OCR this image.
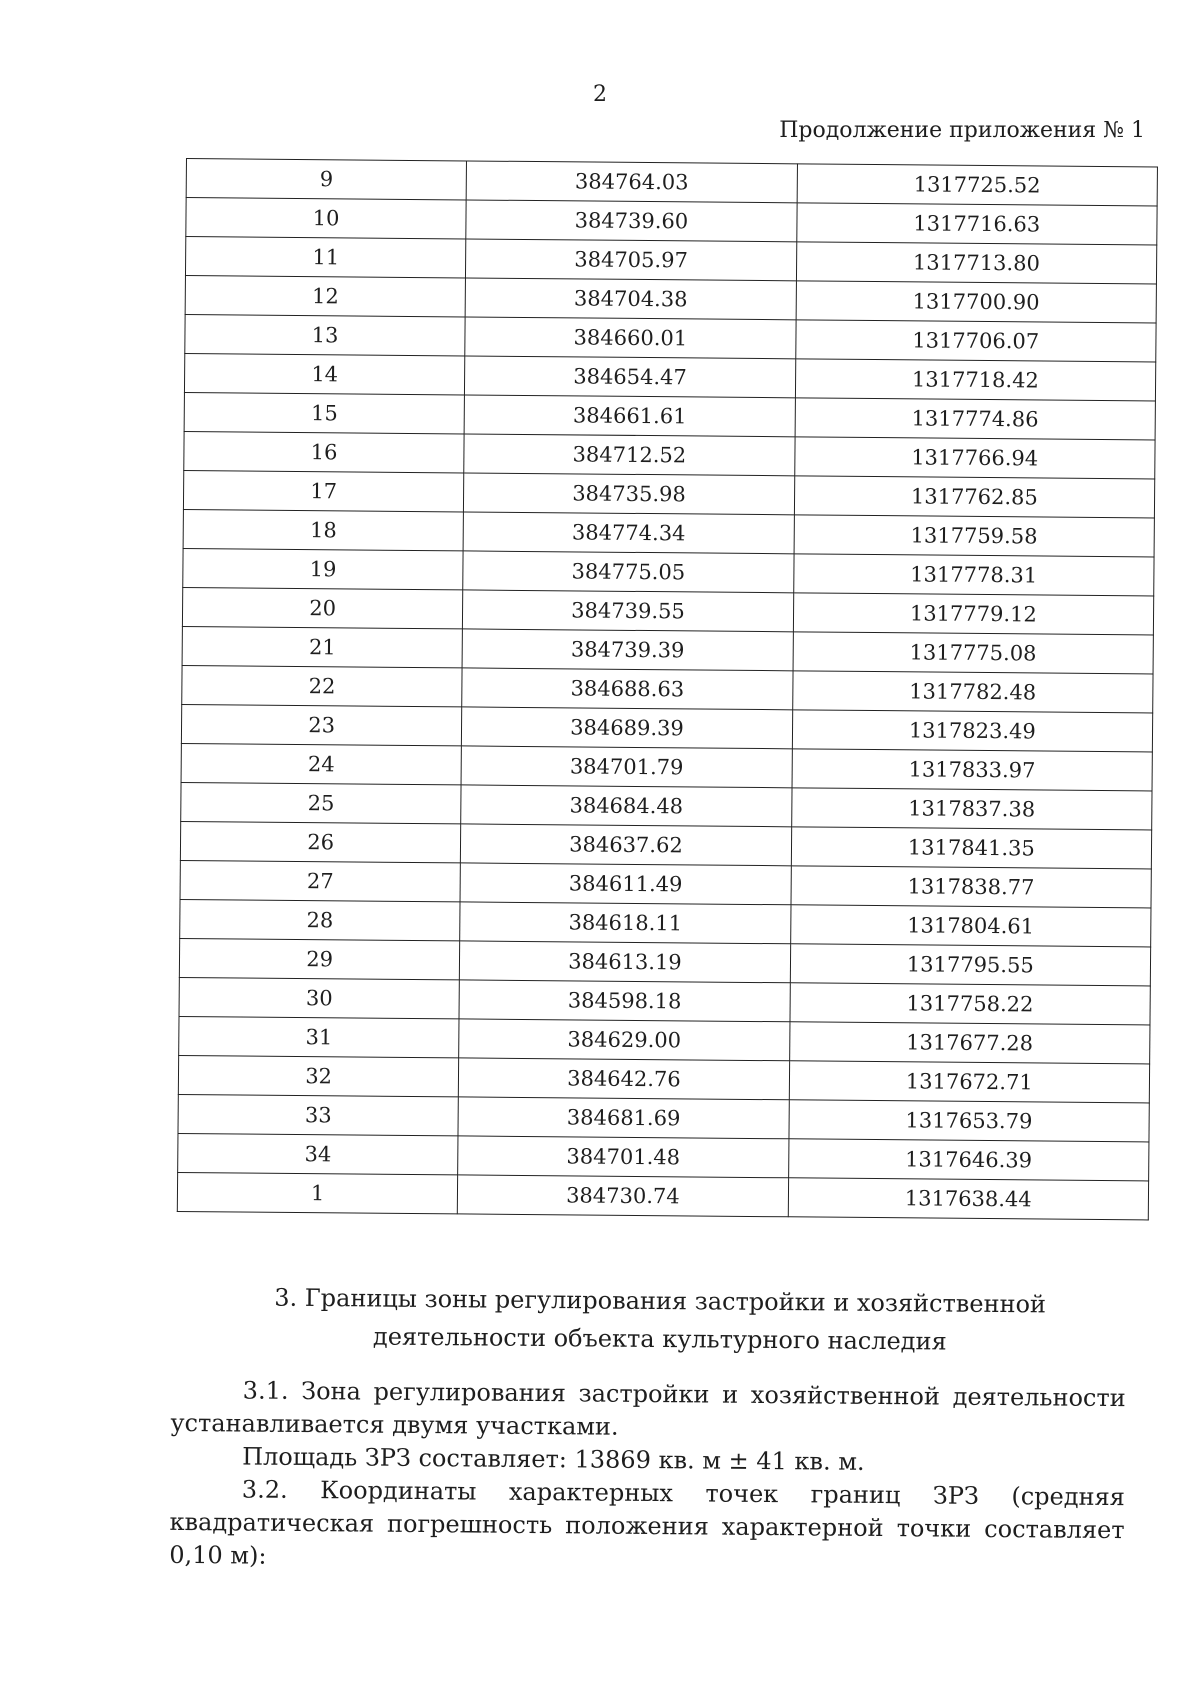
2
Продолжение приложения № 1
9	384764.03	1317725.52
10	384739.60	1317716.63
11	384705.97	1317713.80
12	384704.38	1317700.90
13	384660.01	1317706.07
14	384654.47	1317718.42
15	384661.61	1317774.86
16	384712.52	1317766.94
17	384735.98	1317762.85
18	384774.34	1317759.58
19	384775.05	1317778.31
20	384739.55	1317779.12
21	384739.39	1317775.08
22	384688.63	1317782.48
23	384689.39	1317823.49
24	384701.79	1317833.97
25	384684.48	1317837.38
26	384637.62	1317841.35
27	384611.49	1317838.77
28	384618.11	1317804.61
29	384613.19	1317795.55
30	384598.18	1317758.22
31	384629.00	1317677.28
32	384642.76	1317672.71
33	384681.69	1317653.79
34	384701.48	1317646.39
1	384730.74	1317638.44
3. Границы зоны регулирования застройки и хозяйственной
деятельности объекта культурного наследия

3.1. Зона регулирования застройки и хозяйственной деятельности устанавливается двумя участками.

Площадь ЗРЗ составляет: 13869 кв. м ± 41 кв. м.

3.2. Координаты характерных точек границ ЗРЗ (средняя квадратическая погрешность положения характерной точки составляет 0,10 м):
